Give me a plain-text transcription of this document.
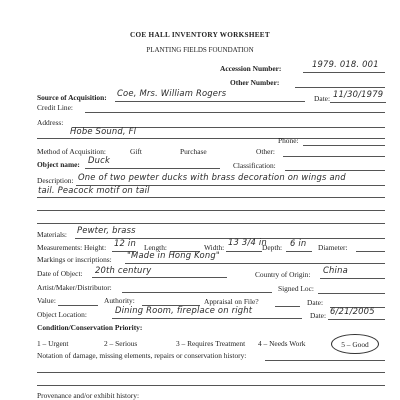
COE HALL INVENTORY WORKSHEET
PLANTING FIELDS FOUNDATION
Accession Number:	1979. 018. 001
Other Number:
Source of Acquisition: Coe, Mrs. William Rogers
Date: 11/30/1979
Credit Line:
Address:
Hobe Sound, Fl
Phone:
Method of Acquisition:	Gift	Purchase	Other:
Object name: Duck
Classification:
Description: One of two pewter ducks with brass decoration on wings and
tail. Peacock motif on tail
Materials: Pewter, brass
Measurements: Height: 12 in Length:	Width:
13 3/4 in
Depth: 6 in Diameter:
Markings or inscriptions: "Made in Hong Kong"
Date of Object: 20th century	Country of Origin: China
Artist/Maker/Distributor:	Signed Loc:
Value:	Authority:	Appraisal on File?	Date:
Object Location:	Dining Room, fireplace on right
Date: 6/21/2005
Condition/Conservation Priority:
1 – Urgent	2 – Serious	3 – Requires Treatment 4 – Needs Work	5 – Good
Notation of damage, missing elements, repairs or conservation history:
Provenance and/or exhibit history:
